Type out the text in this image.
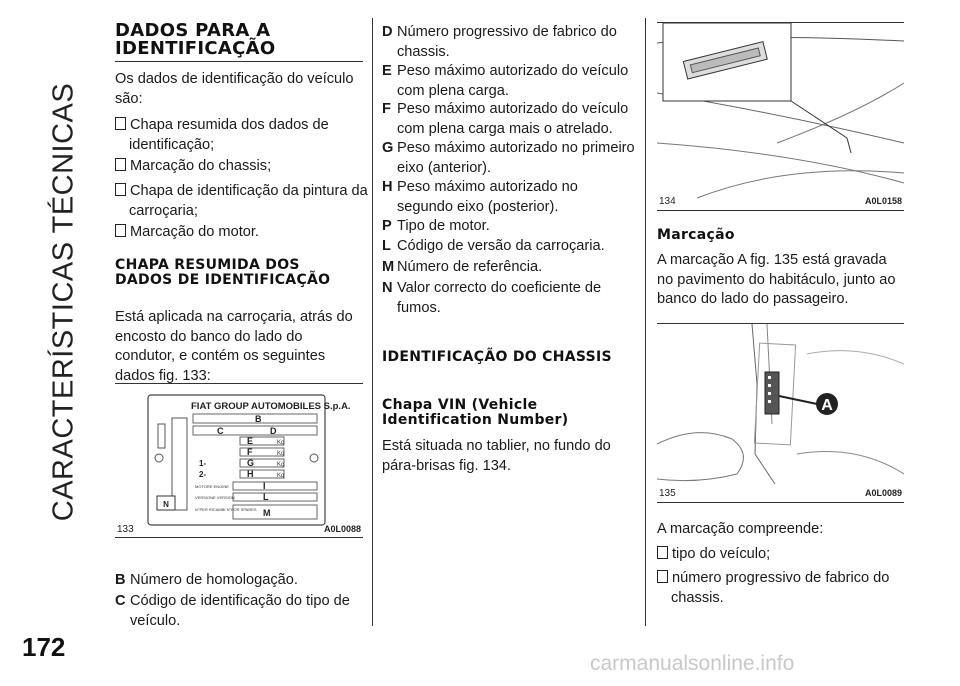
CARACTERÍSTICAS TÉCNICAS
172
carmanualsonline.info
DADOS PARA A IDENTIFICAÇÃO

Os dados de identificação do veículo são:

Chapa resumida dos dados de identificação;
Marcação do chassis;
Chapa de identificação da pintura da carroçaria;
Marcação do motor.
CHAPA RESUMIDA DOS DADOS DE IDENTIFICAÇÃO

Está aplicada na carroçaria, atrás do encosto do banco do lado do condutor, e contém os seguintes dados fig. 133:

N
FIAT GROUP AUTOMOBILES S.p.A.
B
C	D
E
F
G
H
I
L
M
Kg
Kg
Kg
Kg
1-
2-
MOTORE ENGINE
VERSIONE VERSION
N°PER RICAMBI N°FOR SPARES
133	A0L0088
B Número de homologação.
C Código de identificação do tipo de veículo.
D Número progressivo de fabrico do chassis.
E Peso máximo autorizado do veículo com plena carga.
F Peso máximo autorizado do veículo com plena carga mais o atrelado.
G Peso máximo autorizado no primeiro eixo (anterior).
H Peso máximo autorizado no segundo eixo (posterior).
P Tipo de motor.
L Código de versão da carroçaria.
M Número de referência.
N Valor correcto do coeficiente de fumos.
IDENTIFICAÇÃO DO CHASSIS
Chapa VIN (Vehicle Identification Number)

Está situada no tablier, no fundo do pára-brisas fig. 134.

134	A0L0158
Marcação

A marcação A fig. 135 está gravada no pavimento do habitáculo, junto ao banco do lado do passageiro.

A
135	A0L0089

A marcação compreende:

tipo do veículo;
número progressivo de fabrico do chassis.
